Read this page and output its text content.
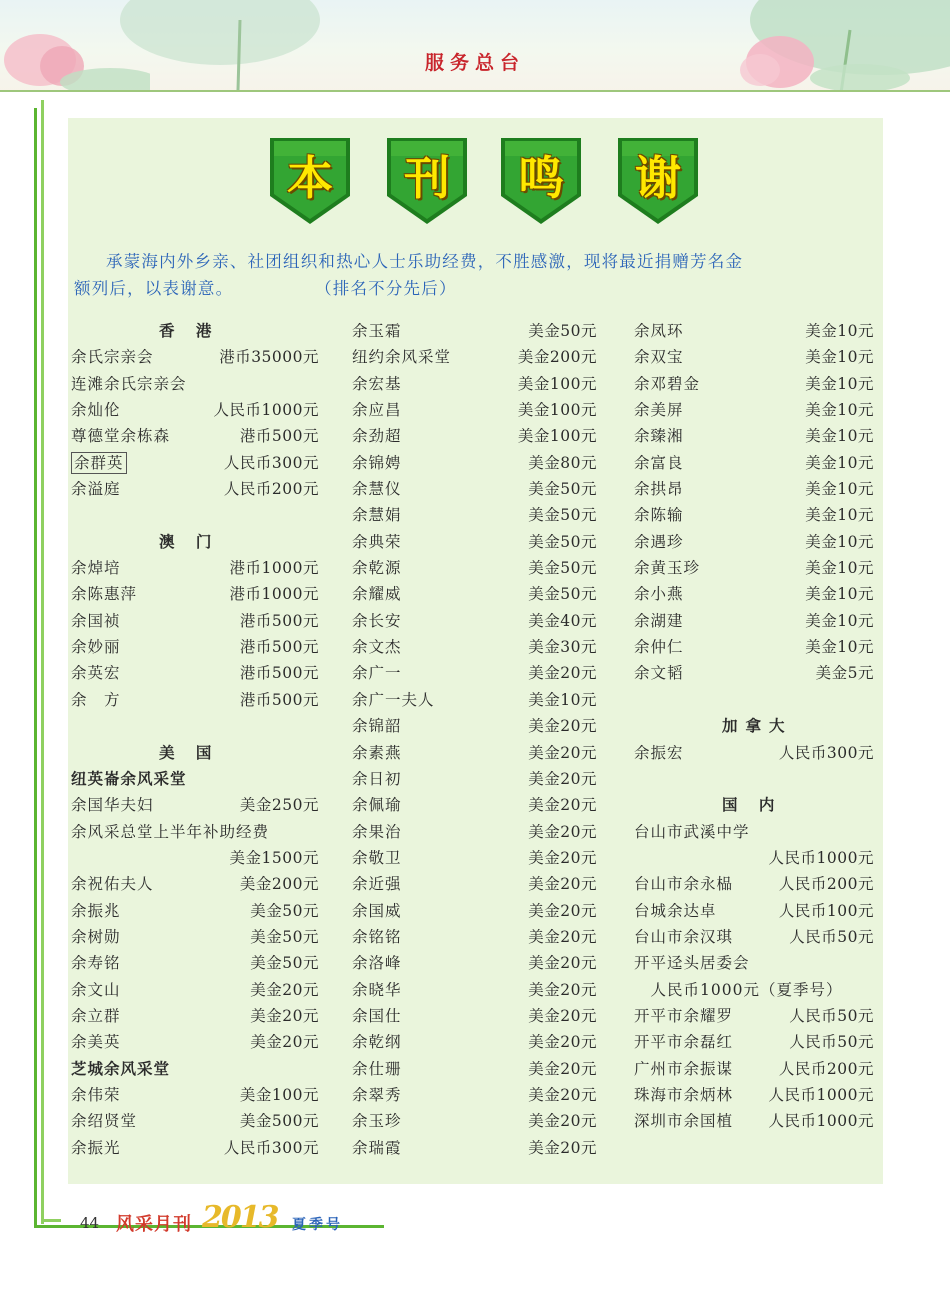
服务总台
本	刊	鸣	谢
承蒙海内外乡亲、社团组织和热心人士乐助经费，不胜感激，现将最近捐赠芳名金
额列后，以表谢意。	（排名不分先后）
香 港
余氏宗亲会	港币35000元
连滩余氏宗亲会
余灿伦	人民币1000元
尊德堂余栋森	港币500元
余群英	人民币300元
余溢庭	人民币200元
澳 门
余焯培	港币1000元
余陈惠萍	港币1000元
余国祯	港币500元
余妙丽	港币500元
余英宏	港币500元
余　方	港币500元
美 国
纽英崙余风采堂
余国华夫妇	美金250元
余风采总堂上半年补助经费
美金1500元
余祝佑夫人	美金200元
余振兆	美金50元
余树勋	美金50元
余寿铭	美金50元
余文山	美金20元
余立群	美金20元
余美英	美金20元
芝城余风采堂
余伟荣	美金100元
余绍贤堂	美金500元
余振光	人民币300元
余玉霜	美金50元
纽约余风采堂	美金200元
余宏基	美金100元
余应昌	美金100元
余劲超	美金100元
余锦娉	美金80元
余慧仪	美金50元
余慧娟	美金50元
余典荣	美金50元
余乾源	美金50元
余耀威	美金50元
余长安	美金40元
余文杰	美金30元
余广一	美金20元
余广一夫人	美金10元
余锦韶	美金20元
余素燕	美金20元
余日初	美金20元
余佩瑜	美金20元
余果治	美金20元
余敬卫	美金20元
余近强	美金20元
余国威	美金20元
余铭铭	美金20元
余洛峰	美金20元
余晓华	美金20元
余国仕	美金20元
余乾纲	美金20元
余仕珊	美金20元
余翠秀	美金20元
余玉珍	美金20元
余瑞霞	美金20元
余凤环	美金10元
余双宝	美金10元
余邓碧金	美金10元
余美屏	美金10元
余臻湘	美金10元
余富良	美金10元
余拱昂	美金10元
余陈输	美金10元
余遇珍	美金10元
余黄玉珍	美金10元
余小燕	美金10元
余湖建	美金10元
余仲仁	美金10元
余文韬	美金5元
加拿大
余振宏	人民币300元
国 内
台山市武溪中学
人民币1000元
台山市余永榀	人民币200元
台城余达卓	人民币100元
台山市余汉琪	人民币50元
开平迳头居委会
　人民币1000元（夏季号）
开平市余耀罗	人民币50元
开平市余磊红	人民币50元
广州市余振谋	人民币200元
珠海市余炳林 人民币1000元
深圳市余国植 人民币1000元
44 风采月刊 2013 夏季号
